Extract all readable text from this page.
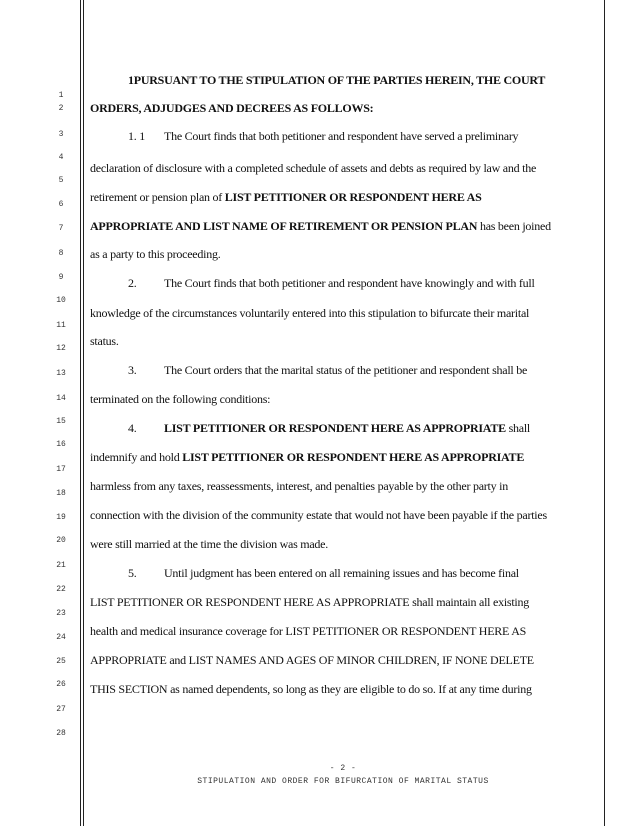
1
2
3
4
5
6
7
8
9
10
11
12
13
14
15
16
17
18
19
20
21
22
23
24
25
26
27
28
1PURSUANT TO THE STIPULATION OF THE PARTIES HEREIN, THE COURT
ORDERS, ADJUDGES AND DECREES AS FOLLOWS:
1. 1 The Court finds that both petitioner and respondent have served a preliminary
declaration of disclosure with a completed schedule of assets and debts as required by law and the
retirement or pension plan of LIST PETITIONER OR RESPONDENT HERE AS
APPROPRIATE AND LIST NAME OF RETIREMENT OR PENSION PLAN has been joined
as a party to this proceeding.
2. The Court finds that both petitioner and respondent have knowingly and with full
knowledge of the circumstances voluntarily entered into this stipulation to bifurcate their marital
status.
3. The Court orders that the marital status of the petitioner and respondent shall be
terminated on the following conditions:
4. LIST PETITIONER OR RESPONDENT HERE AS APPROPRIATE shall
indemnify and hold LIST PETITIONER OR RESPONDENT HERE AS APPROPRIATE
harmless from any taxes, reassessments, interest, and penalties payable by the other party in
connection with the division of the community estate that would not have been payable if the parties
were still married at the time the division was made.
5. Until judgment has been entered on all remaining issues and has become final
LIST PETITIONER OR RESPONDENT HERE AS APPROPRIATE shall maintain all existing
health and medical insurance coverage for LIST PETITIONER OR RESPONDENT HERE AS
APPROPRIATE and LIST NAMES AND AGES OF MINOR CHILDREN, IF NONE DELETE
THIS SECTION as named dependents, so long as they are eligible to do so. If at any time during
- 2 -
STIPULATION AND ORDER FOR BIFURCATION OF MARITAL STATUS
